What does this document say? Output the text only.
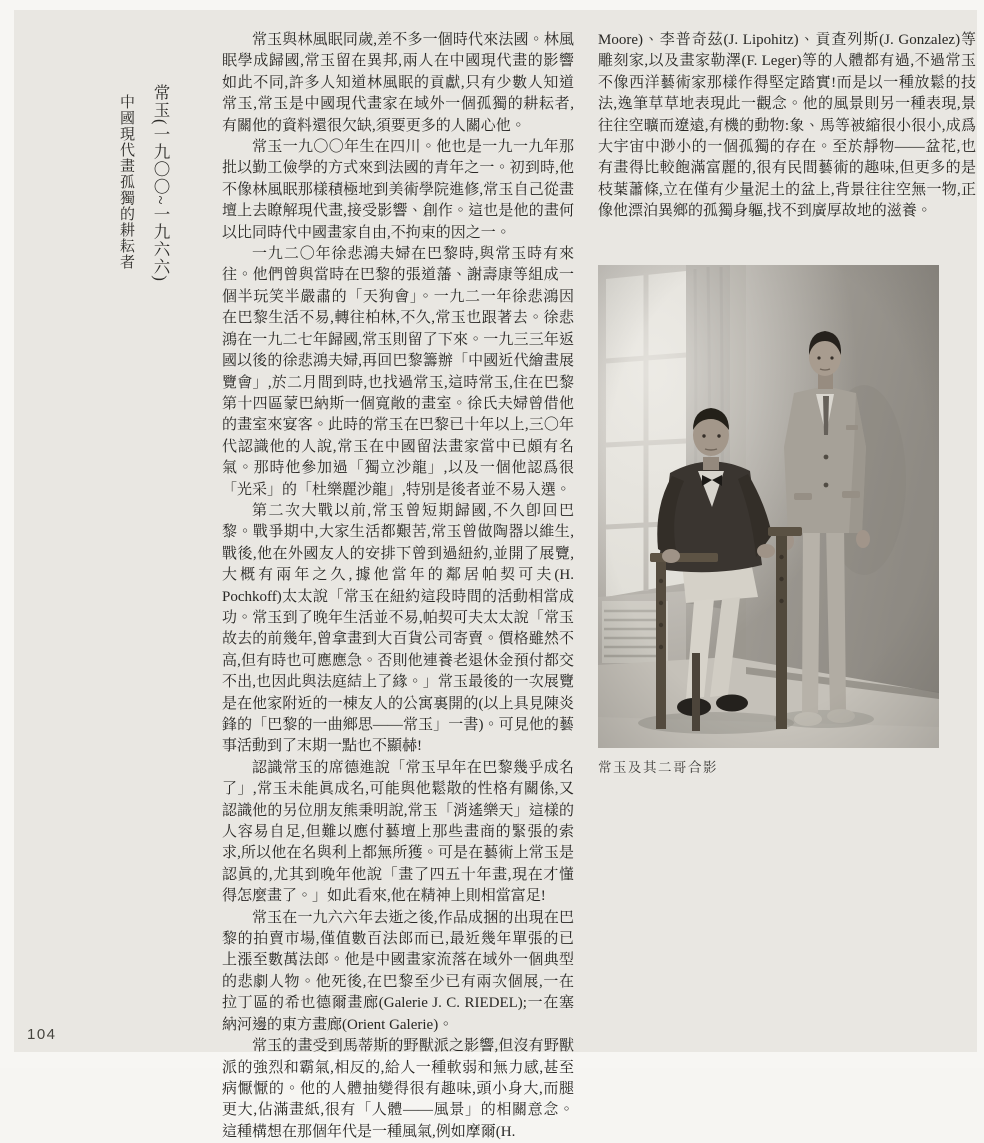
常玉(一九〇〇~一九六六)
中國現代畫孤獨的耕耘者

常玉與林風眠同歲,差不多一個時代來法國。林風眠學成歸國,常玉留在異邦,兩人在中國現代畫的影響如此不同,許多人知道林風眠的貢獻,只有少數人知道常玉,常玉是中國現代畫家在域外一個孤獨的耕耘者,有關他的資料還很欠缺,須要更多的人關心他。

常玉一九〇〇年生在四川。他也是一九一九年那批以勤工儉學的方式來到法國的青年之一。初到時,他不像林風眠那樣積極地到美術學院進修,常玉自己從畫壇上去瞭解現代畫,接受影響、創作。這也是他的畫何以比同時代中國畫家自由,不拘束的因之一。

一九二〇年徐悲鴻夫婦在巴黎時,與常玉時有來往。他們曾與當時在巴黎的張道藩、謝壽康等組成一個半玩笑半嚴肅的「天狗會」。一九二一年徐悲鴻因在巴黎生活不易,轉往柏林,不久,常玉也跟著去。徐悲鴻在一九二七年歸國,常玉則留了下來。一九三三年返國以後的徐悲鴻夫婦,再回巴黎籌辦「中國近代繪畫展覽會」,於二月間到時,也找過常玉,這時常玉,住在巴黎第十四區蒙巴納斯一個寬敞的畫室。徐氏夫婦曾借他的畫室來宴客。此時的常玉在巴黎已十年以上,三〇年代認識他的人說,常玉在中國留法畫家當中已頗有名氣。那時他參加過「獨立沙龍」,以及一個他認爲很「光采」的「杜樂麗沙龍」,特別是後者並不易入選。

第二次大戰以前,常玉曾短期歸國,不久卽回巴黎。戰爭期中,大家生活都艱苦,常玉曾做陶器以維生,戰後,他在外國友人的安排下曾到過紐約,並開了展覽,大概有兩年之久,據他當年的鄰居帕契可夫(H. Pochkoff)太太說「常玉在紐約這段時間的活動相當成功。常玉到了晚年生活並不易,帕契可夫太太說「常玉故去的前幾年,曾拿畫到大百貨公司寄賣。價格雖然不高,但有時也可應應急。否則他連養老退休金預付都交不出,也因此與法庭結上了緣。」常玉最後的一次展覽是在他家附近的一棟友人的公寓裏開的(以上具見陳炎鋒的「巴黎的一曲鄉思——常玉」一書)。可見他的藝事活動到了末期一點也不顯赫!

認識常玉的席德進說「常玉早年在巴黎幾乎成名了」,常玉未能眞成名,可能與他鬆散的性格有關係,又認識他的另位朋友熊秉明說,常玉「消遙樂天」這樣的人容易自足,但難以應付藝壇上那些畫商的緊張的索求,所以他在名與利上都無所獲。可是在藝術上常玉是認眞的,尤其到晚年他說「畫了四五十年畫,現在才懂得怎麼畫了。」如此看來,他在精神上則相當富足!

常玉在一九六六年去逝之後,作品成捆的出現在巴黎的拍賣市場,僅值數百法郎而已,最近幾年單張的已上漲至數萬法郎。他是中國畫家流落在域外一個典型的悲劇人物。他死後,在巴黎至少已有兩次個展,一在拉丁區的希也德爾畫廊(Galerie J. C. RIEDEL);一在塞納河邊的東方畫廊(Orient Galerie)。

常玉的畫受到馬蒂斯的野獸派之影響,但沒有野獸派的強烈和霸氣,相反的,給人一種軟弱和無力感,甚至病懨懨的。他的人體抽變得很有趣味,頭小身大,而腿更大,佔滿畫紙,很有「人體——風景」的相關意念。這種構想在那個年代是一種風氣,例如摩爾(H.

Moore)、李普奇茲(J. Lipohitz)、貢查列斯(J. Gonzalez)等雕刻家,以及畫家勒澤(F. Leger)等的人體都有過,不過常玉不像西洋藝術家那樣作得堅定踏實!而是以一種放鬆的技法,逸筆草草地表現此一觀念。他的風景則另一種表現,景往往空曠而遼遠,有機的動物:象、馬等被縮很小很小,成爲大宇宙中渺小的一個孤獨的存在。至於靜物——盆花,也有畫得比較飽滿富麗的,很有民間藝術的趣味,但更多的是枝葉蕭條,立在僅有少量泥土的盆上,背景往往空無一物,正像他漂泊異鄉的孤獨身軀,找不到廣厚故地的滋養。

常玉及其二哥合影
104
